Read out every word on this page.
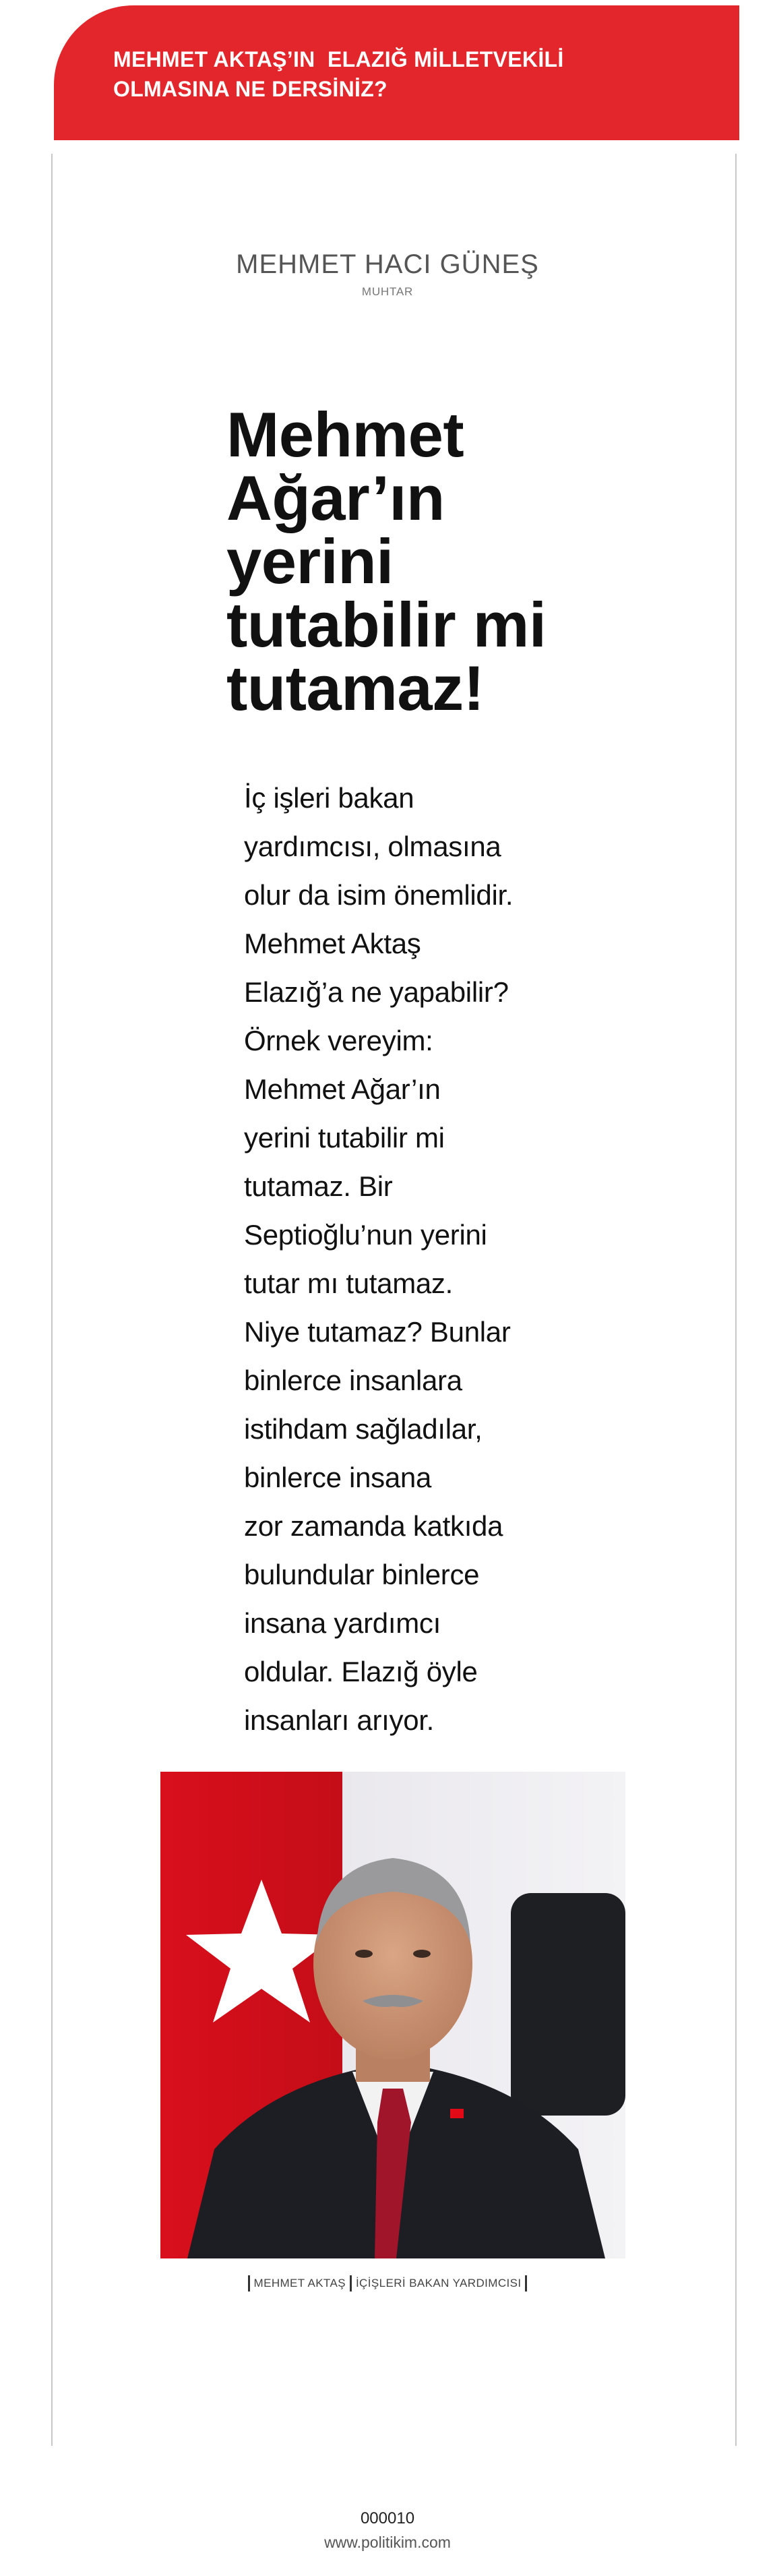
MEHMET AKTAŞ’IN  ELAZIĞ MİLLETVEKİLİ
OLMASINA NE DERSİNİZ?
MEHMET HACI GÜNEŞ
MUHTAR
Mehmet
Ağar’ın
yerini
tutabilir mi
tutamaz!
İç işleri bakan
yardımcısı, olmasına
olur da isim önemlidir.
Mehmet Aktaş
Elazığ’a ne yapabilir?
Örnek vereyim:
Mehmet Ağar’ın
yerini tutabilir mi
tutamaz. Bir
Septioğlu’nun yerini
tutar mı tutamaz.
Niye tutamaz? Bunlar
binlerce insanlara
istihdam sağladılar,
binlerce insana
zor zamanda katkıda
bulundular binlerce
insana yardımcı
oldular. Elazığ öyle
insanları arıyor.
MEHMET AKTAŞ İÇİŞLERİ BAKAN YARDIMCISI
000010
www.politikim.com
